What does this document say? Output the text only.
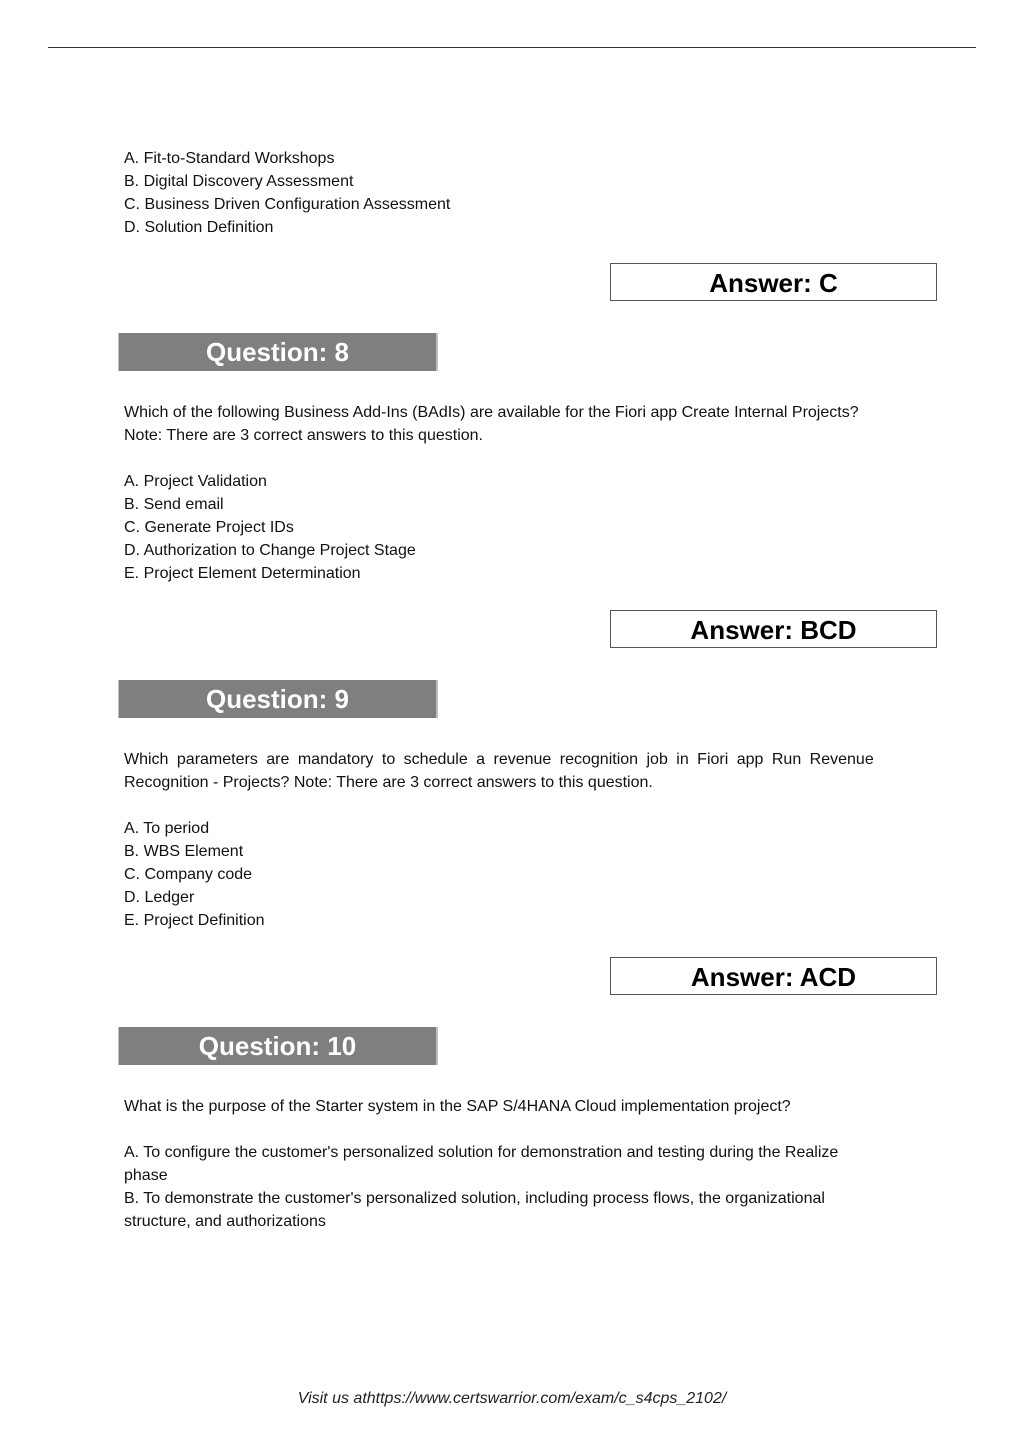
A. Fit-to-Standard Workshops
B. Digital Discovery Assessment
C. Business Driven Configuration Assessment
D. Solution Definition
Answer: C
Question: 8
Which of the following Business Add-Ins (BAdIs) are available for the Fiori app Create Internal Projects?
Note: There are 3 correct answers to this question.
A. Project Validation
B. Send email
C. Generate Project IDs
D. Authorization to Change Project Stage
E. Project Element Determination
Answer: BCD
Question: 9
Which parameters are mandatory to schedule a revenue recognition job in Fiori app Run Revenue
Recognition - Projects? Note: There are 3 correct answers to this question.
A. To period
B. WBS Element
C. Company code
D. Ledger
E. Project Definition
Answer: ACD
Question: 10
What is the purpose of the Starter system in the SAP S/4HANA Cloud implementation project?
A. To configure the customer's personalized solution for demonstration and testing during the Realize
phase
B. To demonstrate the customer's personalized solution, including process flows, the organizational
structure, and authorizations
Visit us athttps://www.certswarrior.com/exam/c_s4cps_2102/
